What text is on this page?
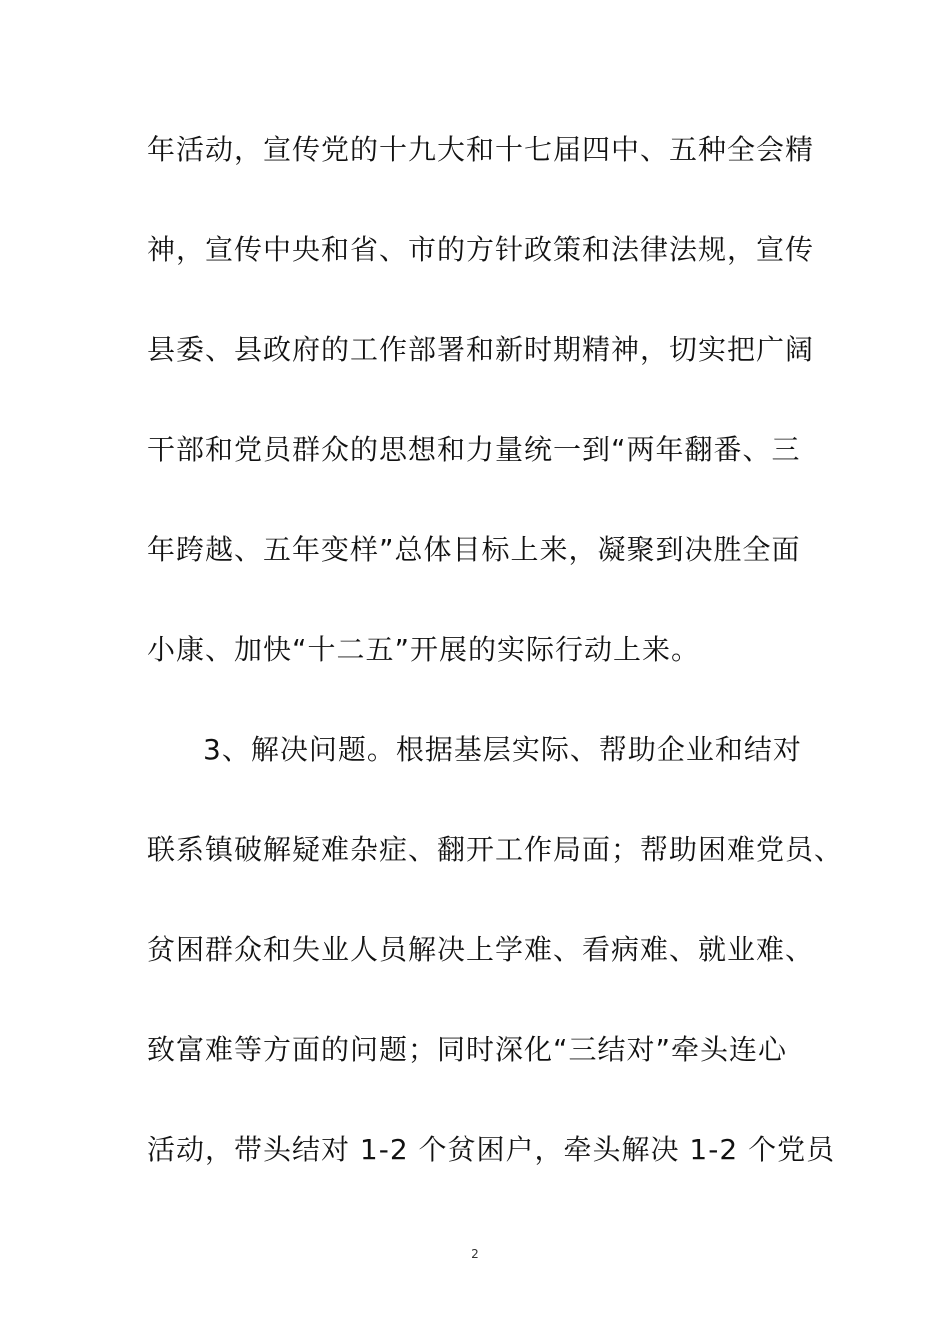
年活动，宣传党的十九大和十七届四中、五种全会精
神，宣传中央和省、市的方针政策和法律法规，宣传
县委、县政府的工作部署和新时期精神，切实把广阔
干部和党员群众的思想和力量统一到“两年翻番、三
年跨越、五年变样”总体目标上来，凝聚到决胜全面
小康、加快“十二五”开展的实际行动上来。
3、解决问题。根据基层实际、帮助企业和结对
联系镇破解疑难杂症、翻开工作局面；帮助困难党员、
贫困群众和失业人员解决上学难、看病难、就业难、
致富难等方面的问题；同时深化“三结对”牵头连心
活动，带头结对 1-2 个贫困户，牵头解决 1-2 个党员
2
